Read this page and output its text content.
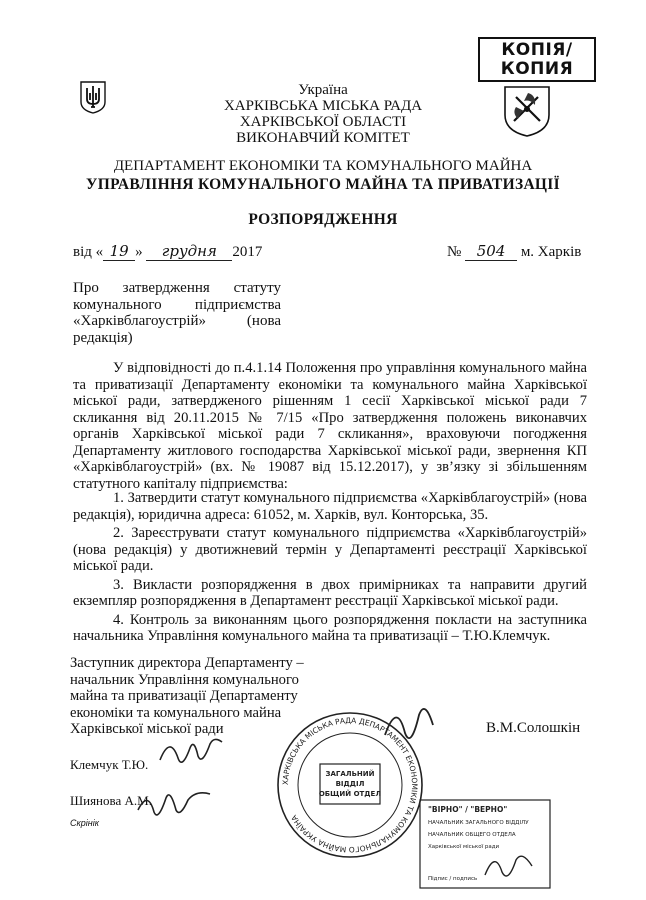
КОПІЯ/
КОПИЯ
Україна
ХАРКІВСЬКА МІСЬКА РАДА
ХАРКІВСЬКОЇ ОБЛАСТІ
ВИКОНАВЧИЙ КОМІТЕТ
ДЕПАРТАМЕНТ ЕКОНОМІКИ ТА КОМУНАЛЬНОГО МАЙНА
УПРАВЛІННЯ КОМУНАЛЬНОГО МАЙНА ТА ПРИВАТИЗАЦІЇ
РОЗПОРЯДЖЕННЯ
від « 19 » грудня 2017	№ 504 м. Харків
Про затвердження статуту комунального підприємства «Харківблагоустрій» (нова редакція)
У відповідності до п.4.1.14 Положення про управління комунального майна та приватизації Департаменту економіки та комунального майна Харківської міської ради, затвердженого рішенням 1 сесії Харківської міської ради 7 скликання від 20.11.2015 № 7/15 «Про затвердження положень виконавчих органів Харківської міської ради 7 скликання», враховуючи погодження Департаменту житлового господарства Харківської міської ради, звернення КП «Харківблагоустрій» (вх. № 19087 від 15.12.2017), у зв’язку зі збільшенням статутного капіталу підприємства:
1. Затвердити статут комунального підприємства «Харківблагоустрій» (нова редакція), юридична адреса: 61052, м. Харків, вул. Конторська, 35.
2. Зареєструвати статут комунального підприємства «Харківблагоустрій» (нова редакція) у двотижневий термін у Департаменті реєстрації Харківської міської ради.
3. Викласти розпорядження в двох примірниках та направити другий екземпляр розпорядження в Департамент реєстрації Харківської міської ради.
4. Контроль за виконанням цього розпорядження покласти на заступника начальника Управління комунального майна та приватизації – Т.Ю.Клемчук.
Заступник директора Департаменту – начальник Управління комунального майна та приватизації Департаменту економіки та комунального майна Харківської міської ради	В.М.Солошкін
Клемчук Т.Ю.
Шиянова А.М.
Скрінік
ХАРКІВСЬКА МІСЬКА РАДА ДЕПАРТАМЕНТ ЕКОНОМІКИ ТА КОМУНАЛЬНОГО МАЙНА УКРАЇНА
ЗАГАЛЬНИЙ
ВІДДІЛ
ОБЩИЙ ОТДЕЛ
"ВІРНО" / "ВЕРНО"
НАЧАЛЬНИК ЗАГАЛЬНОГО ВІДДІЛУ
НАЧАЛЬНИК ОБЩЕГО ОТДЕЛА
Харківської міської ради
Підпис / подпись
